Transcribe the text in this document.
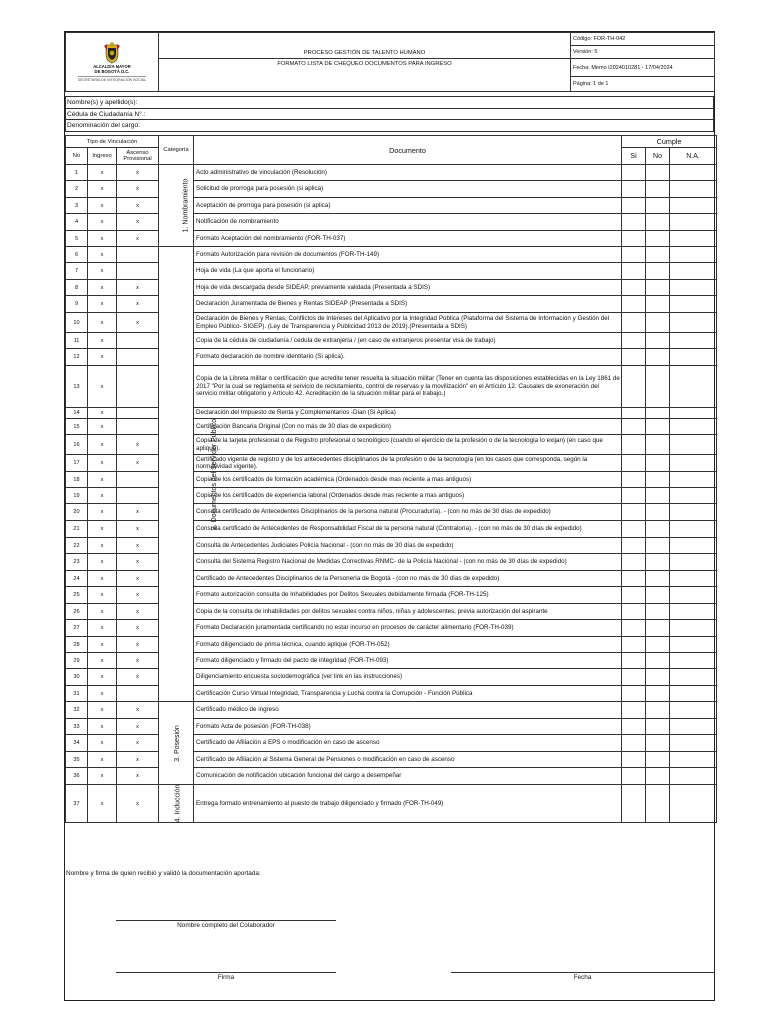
ALCALDÍA MAYOR
DE BOGOTÁ D.C.
SECRETARÍA DE INTEGRACIÓN SOCIAL	PROCESO GESTIÓN DE TALENTO HUMANO	Código: FOR-TH-042
		Versión: 5
	FORMATO LISTA DE CHEQUEO DOCUMENTOS PARA INGRESO	Fecha: Memo I2024010281 - 17/04/2024
		Página: 1 de 1
Nombre(s) y apellido(s):
Cédula de Ciudadanía N°.:
Denominación del cargo:
Tipo de Vinculación			Categoría	Documento	Cumple		
No	Ingreso	Ascenso Provisional			Si	No	N.A.
1	x	x	1. Nombramiento	Acto administrativo de vinculación (Resolución)			
2	x	x		Solicitud de prorroga para posesión (si aplica)			
3	x	x		Aceptación de prorroga para posesión (si aplica)			
4	x	x		Notificación de nombramiento			
5	x	x		Formato Aceptación del nombramiento (FOR-TH-037)			
6	x		2. Documentos del Servidor Público	Formato Autorización para revisión de documentos (FOR-TH-149)			
7	x			Hoja de vida (La que aporta el funcionario)			
8	x	x		Hoja de vida descargada desde SIDEAP, previamente validada (Presentada a SDIS)			
9	x	x		Declaración Juramentada de Bienes y Rentas SIDEAP (Presentada a SDIS)			
10	x	x		Declaración de Bienes y Rentas, Conflictos de Intereses del Aplicativo por la Integridad Pública (Plataforma del Sistema de Información y Gestión del Empleo Público- SIGEP). (Ley de Transparencia y Publicidad 2013 de 2019).(Presentada a SDIS)			
11	x			Copia de la cédula de ciudadanía / cedula de extranjería / (en caso de extranjeros presentar visa de trabajo)			
12	x			Formato declaración de nombre identitario (Si aplica).			
13	x			Copia de la Libreta militar o certificación que acredite tener resuelta la situación militar (Tener en cuenta las disposiciones establecidas en la Ley 1861 de 2017 "Por la cual se reglamenta el servicio de reclutamiento, control de reservas y la movilización" en el Artículo 12. Causales de exoneración del servicio militar obligatorio y Artículo 42. Acreditación de la situación militar para el trabajo.)			
14	x			Declaración del Impuesto de Renta y Complementarios -Dian (Si Aplica)			
15	x			Certificación Bancaria Original (Con no más de 30 días de expedición)			
16	x	x		Copia de la tarjeta profesional o de Registro profesional o tecnológico (cuando el ejercicio de la profesión o de la tecnología lo exijan) (en caso que aplique).			
17	x	x		Certificado vigente de registro y de los antecedentes disciplinarios de la profesión o de la tecnología (en los casos que corresponda, según la normatividad vigente).			
18	x			Copia de los certificados de formación académica (Ordenados desde mas reciente a mas antiguos)			
19	x			Copia de los certificados de experiencia laboral (Ordenados desde mas reciente a mas antiguos)			
20	x	x		Consulta certificado de Antecedentes Disciplinarios de la persona natural (Procuraduría). - (con no más de 30 días de expedido)			
21	x	x		Consulta certificado de Antecedentes de Responsabilidad Fiscal de la persona natural (Contraloría). - (con no más de 30 días de expedido)			
22	x	x		Consulta de Antecedentes Judiciales Policía Nacional - (con no más de 30 días de expedido)			
23	x	x		Consulta del Sistema Registro Nacional de Medidas Correctivas RNMC- de la Policía Nacional - (con no más de 30 días de expedido)			
24	x	x		Certificado de Antecedentes Disciplinarios de la Personería de Bogotá - (con no más de 30 días de expedido)			
25	x	x		Formato autorización consulta de Inhabilidades por Delitos Sexuales debidamente firmada (FOR-TH-125)			
26	x	x		Copia de la consulta de inhabilidades por delitos sexuales contra niños, niñas y adolescentes, previa autorización del aspirante			
27	x	x		Formato Declaración juramentada certificando no estar incurso en procesos de carácter alimentario (FOR-TH-039)			
28	x	x		Formato diligenciado de prima técnica, cuando aplique (FOR-TH-052)			
29	x	x		Formato diligenciado y firmado del pacto de integridad (FOR-TH-093)			
30	x	x		Diligenciamiento encuesta sociodemográfica (ver link en las instrucciones)			
31	x			Certificación Curso Virtual Integridad, Transparencia y Lucha contra la Corrupción - Función Pública			
32	x	x	3. Posesión	Certificado médico de ingreso			
33	x	x		Formato Acta de posesión (FOR-TH-038)			
34	x	x		Certificado de Afiliación a EPS o modificación en caso de ascenso			
35	x	x		Certificado de Afiliación al Sistema General de Pensiones o modificación en caso de ascenso			
36	x	x		Comunicación de notificación ubicación funcional del cargo a desempeñar			
37	x	x	4. Inducción	Entrega formato entrenamiento al puesto de trabajo diligenciado y firmado (FOR-TH-049)			
Nombre y firma de quien recibió y validó la documentación aportada:
Nombre completo del Colaborador
Firma	Fecha
